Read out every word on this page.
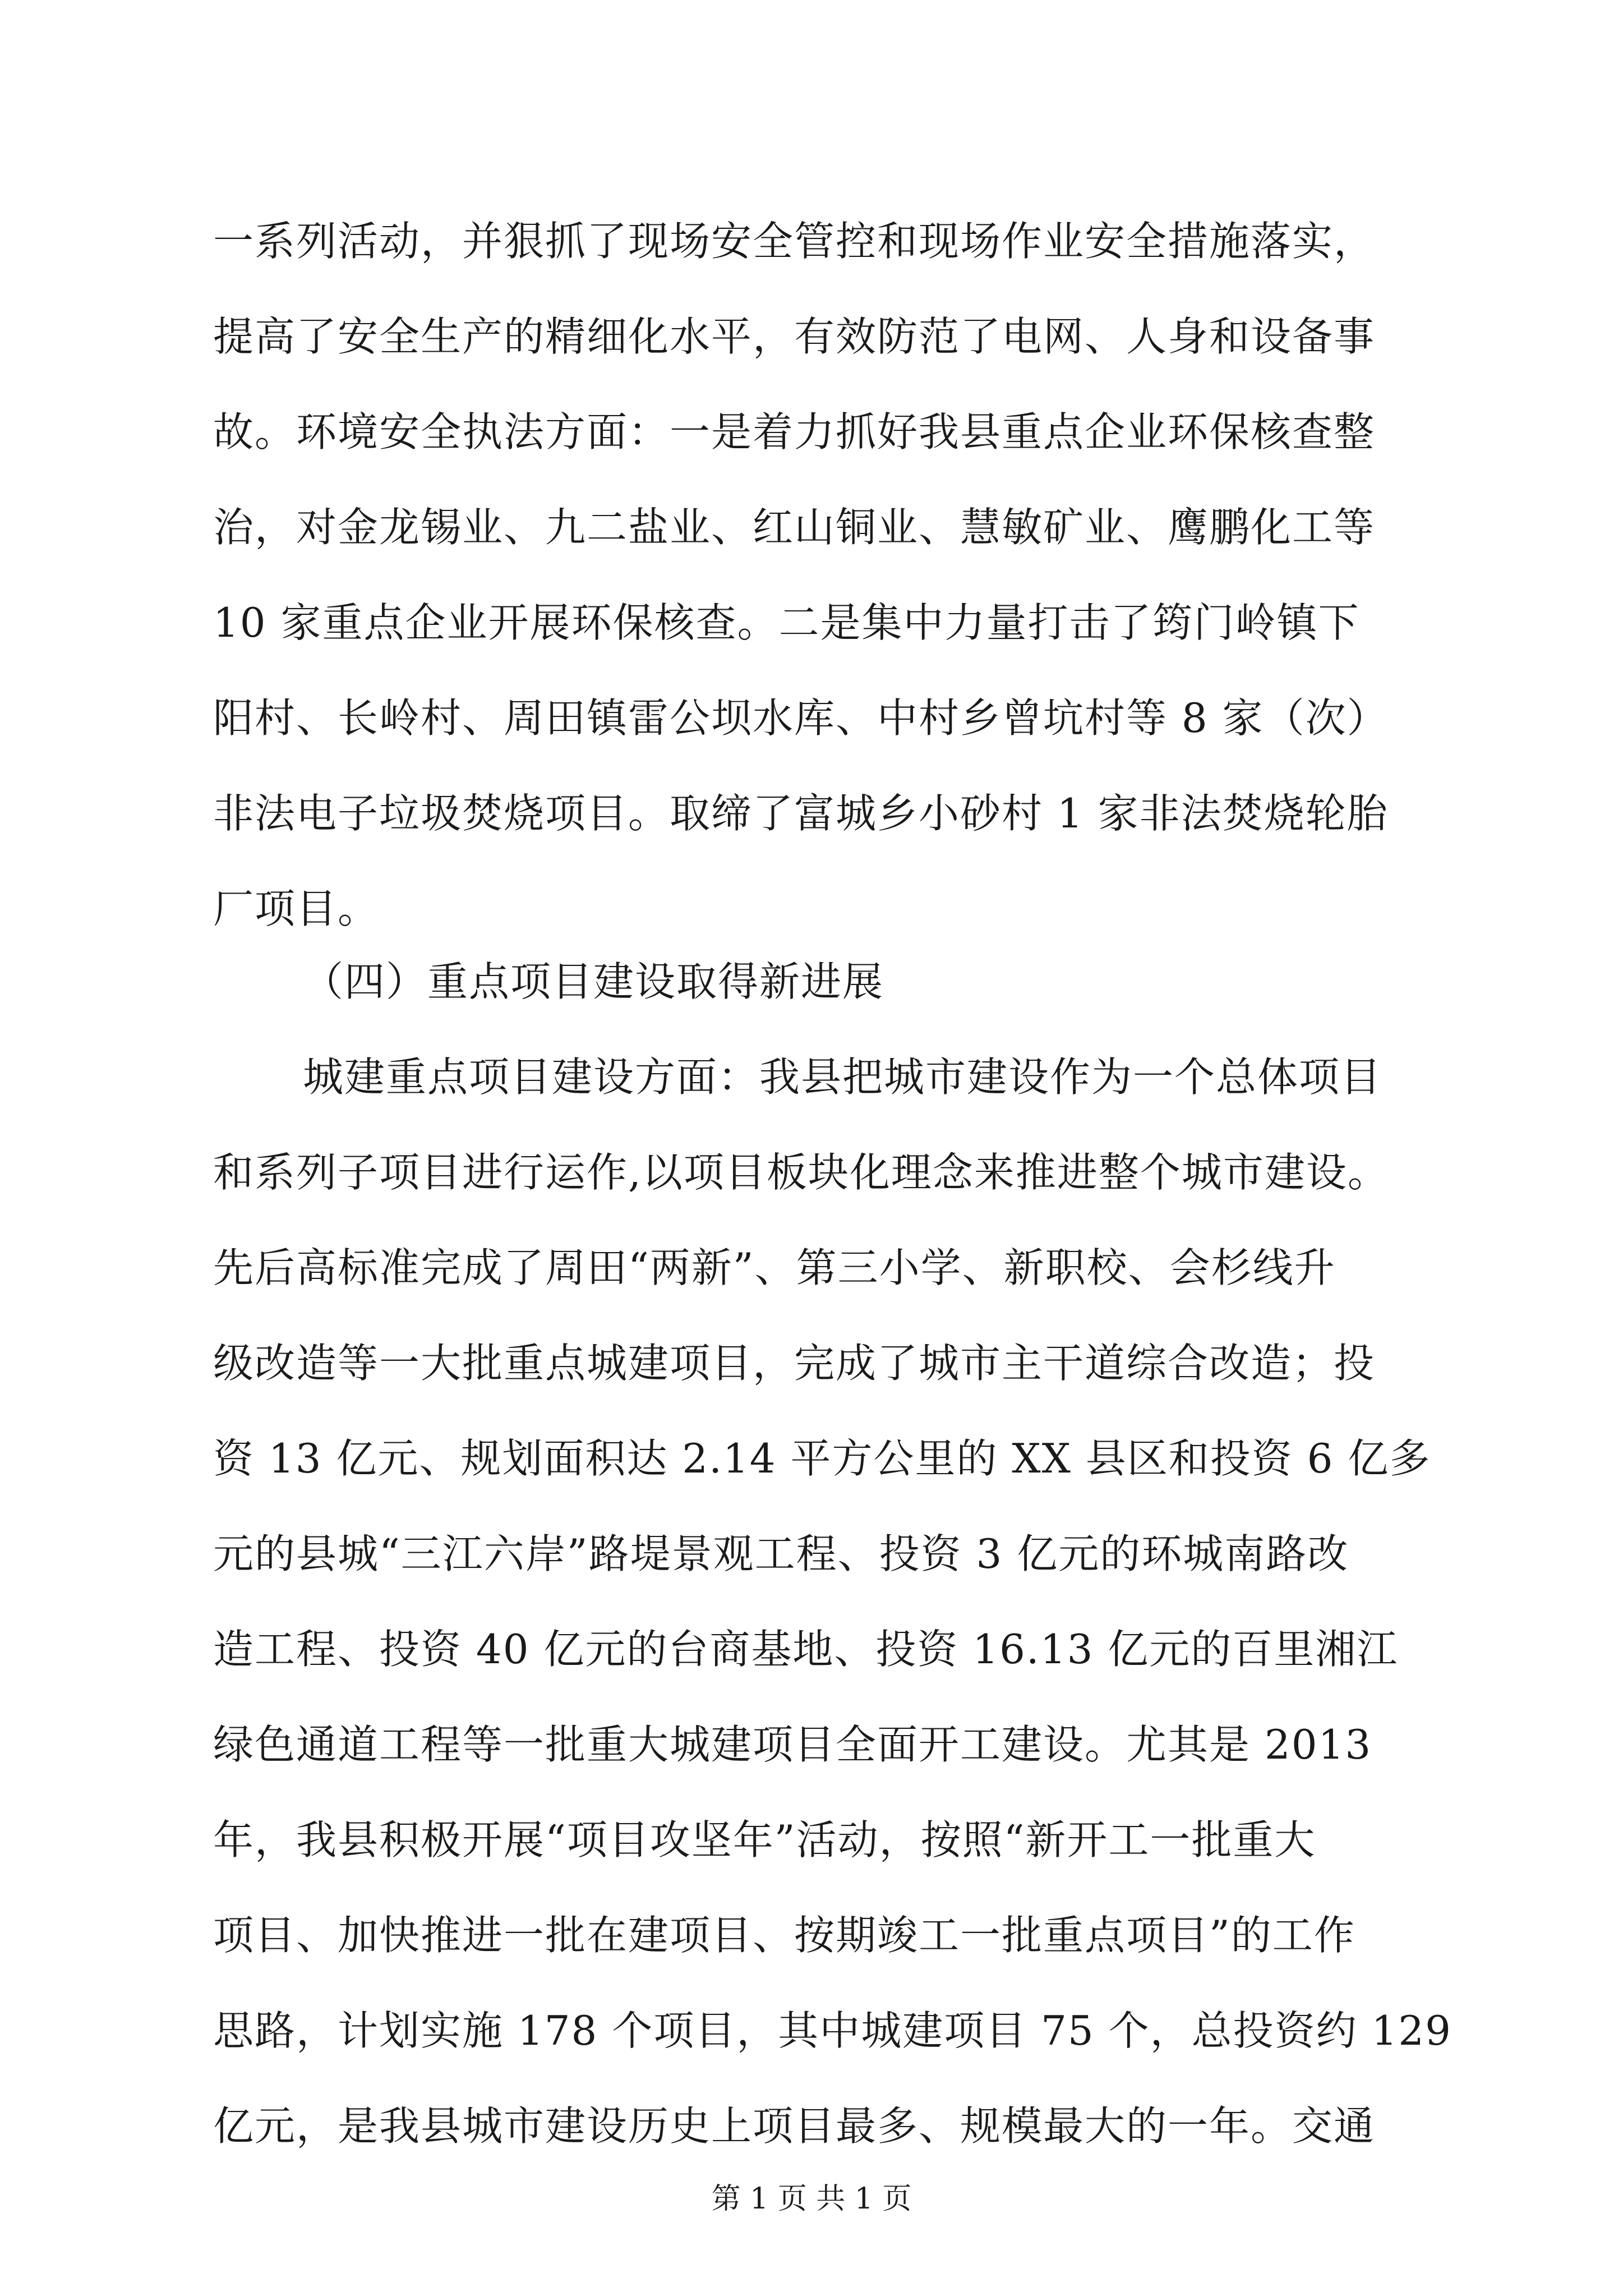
一系列活动，并狠抓了现场安全管控和现场作业安全措施落实，
提高了安全生产的精细化水平，有效防范了电网、人身和设备事
故。环境安全执法方面：一是着力抓好我县重点企业环保核查整
治，对金龙锡业、九二盐业、红山铜业、慧敏矿业、鹰鹏化工等
10 家重点企业开展环保核查。二是集中力量打击了筠门岭镇下
阳村、长岭村、周田镇雷公坝水库、中村乡曾坑村等 8 家（次）
非法电子垃圾焚烧项目。取缔了富城乡小砂村 1 家非法焚烧轮胎
厂项目。
（四）重点项目建设取得新进展
城建重点项目建设方面：我县把城市建设作为一个总体项目
和系列子项目进行运作,以项目板块化理念来推进整个城市建设。
先后高标准完成了周田“两新”、第三小学、新职校、会杉线升
级改造等一大批重点城建项目，完成了城市主干道综合改造；投
资 13 亿元、规划面积达 2.14 平方公里的 XX 县区和投资 6 亿多
元的县城“三江六岸”路堤景观工程、投资 3 亿元的环城南路改
造工程、投资 40 亿元的台商基地、投资 16.13 亿元的百里湘江
绿色通道工程等一批重大城建项目全面开工建设。尤其是 2013
年，我县积极开展“项目攻坚年”活动，按照“新开工一批重大
项目、加快推进一批在建项目、按期竣工一批重点项目”的工作
思路，计划实施 178 个项目，其中城建项目 75 个，总投资约 129
亿元，是我县城市建设历史上项目最多、规模最大的一年。交通
第 1 页 共 1 页
